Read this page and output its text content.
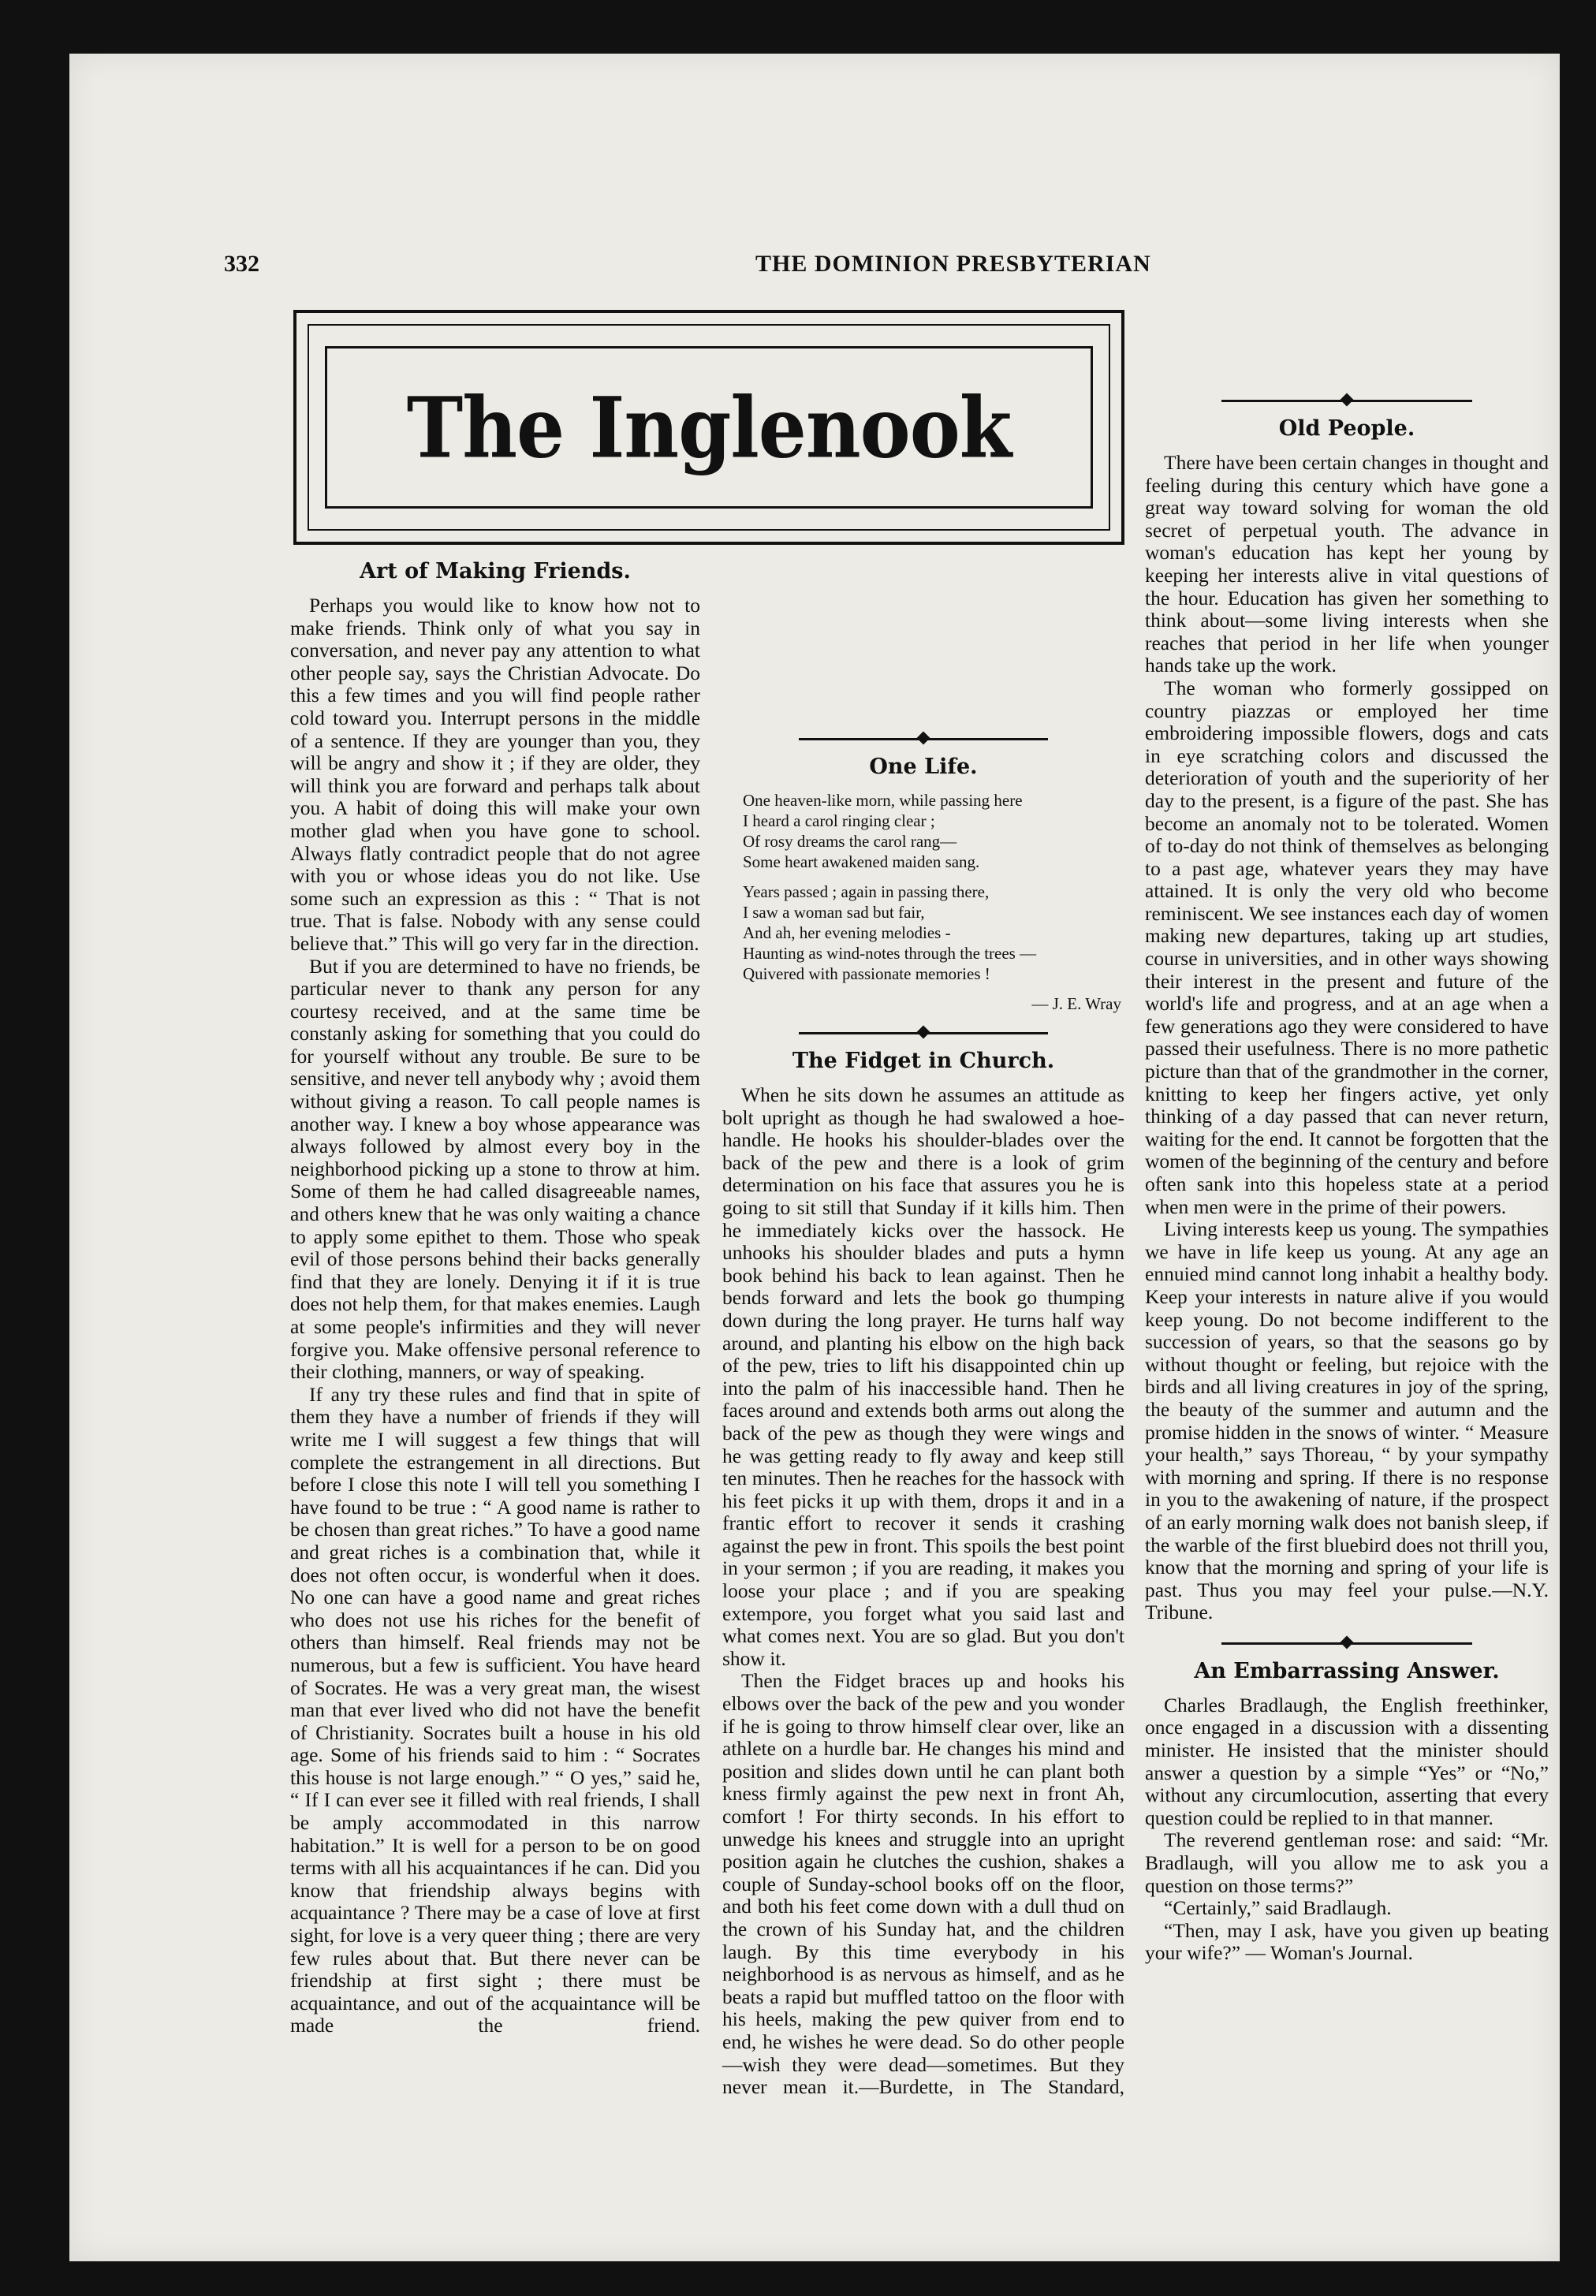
332	THE DOMINION PRESBYTERIAN
The Inglenook
Art of Making Friends.

Perhaps you would like to know how not to make friends. Think only of what you say in conversation, and never pay any attention to what other people say, says the Christian Advocate. Do this a few times and you will find people rather cold toward you. Interrupt persons in the middle of a sentence. If they are younger than you, they will be angry and show it ; if they are older, they will think you are forward and perhaps talk about you. A habit of doing this will make your own mother glad when you have gone to school. Always flatly contradict people that do not agree with you or whose ideas you do not like. Use some such an expression as this : “ That is not true. That is false. Nobody with any sense could believe that.” This will go very far in the direction.

But if you are determined to have no friends, be particular never to thank any person for any courtesy received, and at the same time be constanly asking for something that you could do for yourself without any trouble. Be sure to be sensitive, and never tell anybody why ; avoid them without giving a reason. To call people names is another way. I knew a boy whose appearance was always followed by almost every boy in the neighborhood picking up a stone to throw at him. Some of them he had called disagreeable names, and others knew that he was only waiting a chance to apply some epithet to them. Those who speak evil of those persons behind their backs generally find that they are lonely. Denying it if it is true does not help them, for that makes enemies. Laugh at some people's infirmities and they will never forgive you. Make offensive personal reference to their clothing, manners, or way of speaking.

If any try these rules and find that in spite of them they have a number of friends if they will write me I will suggest a few things that will complete the estrangement in all directions. But before I close this note I will tell you something I have found to be true : “ A good name is rather to be chosen than great riches.” To have a good name and great riches is a combination that, while it does not often occur, is wonderful when it does. No one can have a good name and great riches who does not use his riches for the benefit of others than himself. Real friends may not be numerous, but a few is sufficient. You have heard of Socrates. He was a very great man, the wisest man that ever lived who did not have the benefit of Christianity. Socrates built a house in his old age. Some of his friends said to him : “ Socrates this house is not large enough.” “ O yes,” said he, “ If I can ever see it filled with real friends, I shall be amply accommodated in this narrow habitation.” It is well for a person to be on good terms with all his acquaintances if he can. Did you know that friendship always begins with acquaintance ? There may be a case of love at first sight, for love is a very queer thing ; there are very few rules about that. But there never can be friendship at first sight ; there must be acquaintance, and out of the acquaintance will be made the friend.

One Life.
One heaven-like morn, while passing here
I heard a carol ringing clear ;
Of rosy dreams the carol rang—
Some heart awakened maiden sang.
Years passed ; again in passing there,
I saw a woman sad but fair,
And ah, her evening melodies -
Haunting as wind-notes through the trees —
Quivered with passionate memories !
— J. E. Wray
The Fidget in Church.

When he sits down he assumes an attitude as bolt upright as though he had swalowed a hoe-handle. He hooks his shoulder-blades over the back of the pew and there is a look of grim determination on his face that assures you he is going to sit still that Sunday if it kills him. Then he immediately kicks over the hassock. He unhooks his shoulder blades and puts a hymn book behind his back to lean against. Then he bends forward and lets the book go thumping down during the long prayer. He turns half way around, and planting his elbow on the high back of the pew, tries to lift his disappointed chin up into the palm of his inaccessible hand. Then he faces around and extends both arms out along the back of the pew as though they were wings and he was getting ready to fly away and keep still ten minutes. Then he reaches for the hassock with his feet picks it up with them, drops it and in a frantic effort to recover it sends it crashing against the pew in front. This spoils the best point in your sermon ; if you are reading, it makes you loose your place ; and if you are speaking extempore, you forget what you said last and what comes next. You are so glad. But you don't show it.

Then the Fidget braces up and hooks his elbows over the back of the pew and you wonder if he is going to throw himself clear over, like an athlete on a hurdle bar. He changes his mind and position and slides down until he can plant both kness firmly against the pew next in front Ah, comfort ! For thirty seconds. In his effort to unwedge his knees and struggle into an upright position again he clutches the cushion, shakes a couple of Sunday-school books off on the floor, and both his feet come down with a dull thud on the crown of his Sunday hat, and the children laugh. By this time everybody in his neighborhood is as nervous as himself, and as he beats a rapid but muffled tattoo on the floor with his heels, making the pew quiver from end to end, he wishes he were dead. So do other people—wish they were dead—sometimes. But they never mean it.—Burdette, in The Standard,

Old People.

There have been certain changes in thought and feeling during this century which have gone a great way toward solving for woman the old secret of perpetual youth. The advance in woman's education has kept her young by keeping her interests alive in vital questions of the hour. Education has given her something to think about—some living interests when she reaches that period in her life when younger hands take up the work.

The woman who formerly gossipped on country piazzas or employed her time embroidering impossible flowers, dogs and cats in eye scratching colors and discussed the deterioration of youth and the superiority of her day to the present, is a figure of the past. She has become an anomaly not to be tolerated. Women of to-day do not think of themselves as belonging to a past age, whatever years they may have attained. It is only the very old who become reminiscent. We see instances each day of women making new departures, taking up art studies, course in universities, and in other ways showing their interest in the present and future of the world's life and progress, and at an age when a few generations ago they were considered to have passed their usefulness. There is no more pathetic picture than that of the grandmother in the corner, knitting to keep her fingers active, yet only thinking of a day passed that can never return, waiting for the end. It cannot be forgotten that the women of the beginning of the century and before often sank into this hopeless state at a period when men were in the prime of their powers.

Living interests keep us young. The sympathies we have in life keep us young. At any age an ennuied mind cannot long inhabit a healthy body. Keep your interests in nature alive if you would keep young. Do not become indifferent to the succession of years, so that the seasons go by without thought or feeling, but rejoice with the birds and all living creatures in joy of the spring, the beauty of the summer and autumn and the promise hidden in the snows of winter. “ Measure your health,” says Thoreau, “ by your sympathy with morning and spring. If there is no response in you to the awakening of nature, if the prospect of an early morning walk does not banish sleep, if the warble of the first bluebird does not thrill you, know that the morning and spring of your life is past. Thus you may feel your pulse.—N.Y. Tribune.

An Embarrassing Answer.

Charles Bradlaugh, the English freethinker, once engaged in a discussion with a dissenting minister. He insisted that the minister should answer a question by a simple “Yes” or “No,” without any circumlocution, asserting that every question could be replied to in that manner.

The reverend gentleman rose: and said: “Mr. Bradlaugh, will you allow me to ask you a question on those terms?”

“Certainly,” said Bradlaugh.

“Then, may I ask, have you given up beating your wife?” — Woman's Journal.
